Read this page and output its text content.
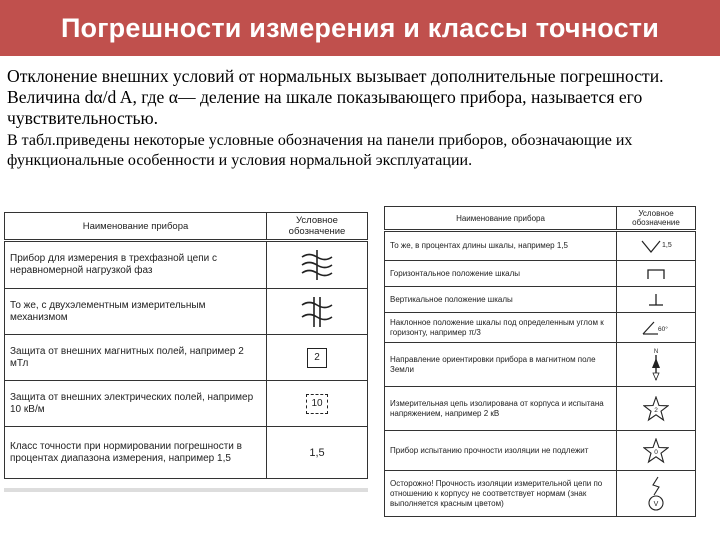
Погрешности измерения и классы точности

Отклонение внешних условий от нормальных вызывает дополнительные погрешности.

Величина dα/d A, где α— деление на шкале показывающего прибора, называется его чувствительностью.

В табл.приведены некоторые условные обозначения на панели приборов, обозначающие их функциональные особенности и условия нормальной эксплуатации.

Наименование прибора	Условное обозначение
Прибор для измерения в трехфазной цепи с неравномерной нагрузкой фаз	

То же, с двухэлементным измерительным механизмом	

Защита от внешних магнитных полей, например 2 мТл	2

Защита от внешних электрических полей, например 10 кВ/м	10

Класс точности при нормировании погрешности в процентах диапазона измерения, например 1,5	1,5
Наименование прибора	Условное обозначение
То же, в процентах длины шкалы, например 1,5	1,5

Горизонтальное положение шкалы	

Вертикальное положение шкалы	

Наклонное положение шкалы под определенным углом к горизонту, например π/3	60°

Направление ориентировки прибора в магнитном поле Земли	N

Измерительная цепь изолирована от корпуса и испытана напряжением, например 2 кВ	2

Прибор испытанию прочности изоляции не подлежит	0

Осторожно! Прочность изоляции измерительной цепи по отношению к корпусу не соответствует нормам (знак выполняется красным цветом)	V
